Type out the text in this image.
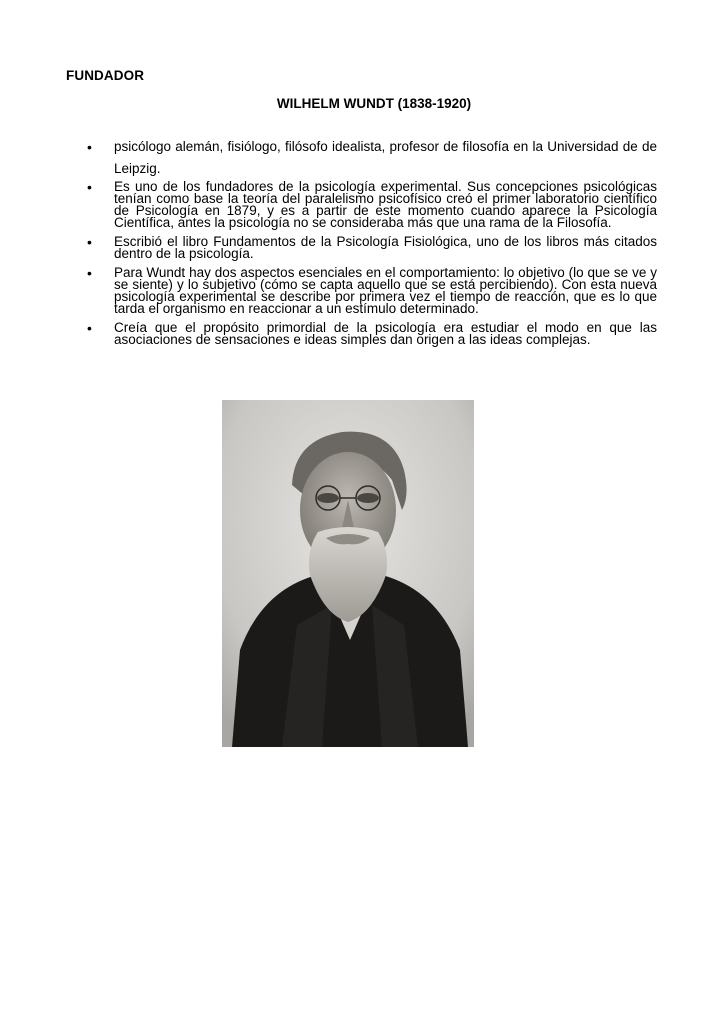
FUNDADOR
WILHELM WUNDT (1838-1920)
• psicólogo alemán, fisiólogo, filósofo idealista, profesor de filosofía en la Universidad de de Leipzig.
• Es uno de los fundadores de la psicología experimental. Sus concepciones psicológicas tenían como base la teoría del paralelismo psicofísico creó el primer laboratorio científico de Psicología en 1879, y es a partir de este momento cuando aparece la Psicología Científica, antes la psicología no se consideraba más que una rama de la Filosofía.
• Escribió el libro Fundamentos de la Psicología Fisiológica, uno de los libros más citados dentro de la psicología.
• Para Wundt hay dos aspectos esenciales en el comportamiento: lo objetivo (lo que se ve y se siente) y lo subjetivo (cómo se capta aquello que se está percibiendo). Con esta nueva psicología experimental se describe por primera vez el tiempo de reacción, que es lo que tarda el organismo en reaccionar a un estímulo determinado.
• Creía que el propósito primordial de la psicología era estudiar el modo en que las asociaciones de sensaciones e ideas simples dan origen a las ideas complejas.
